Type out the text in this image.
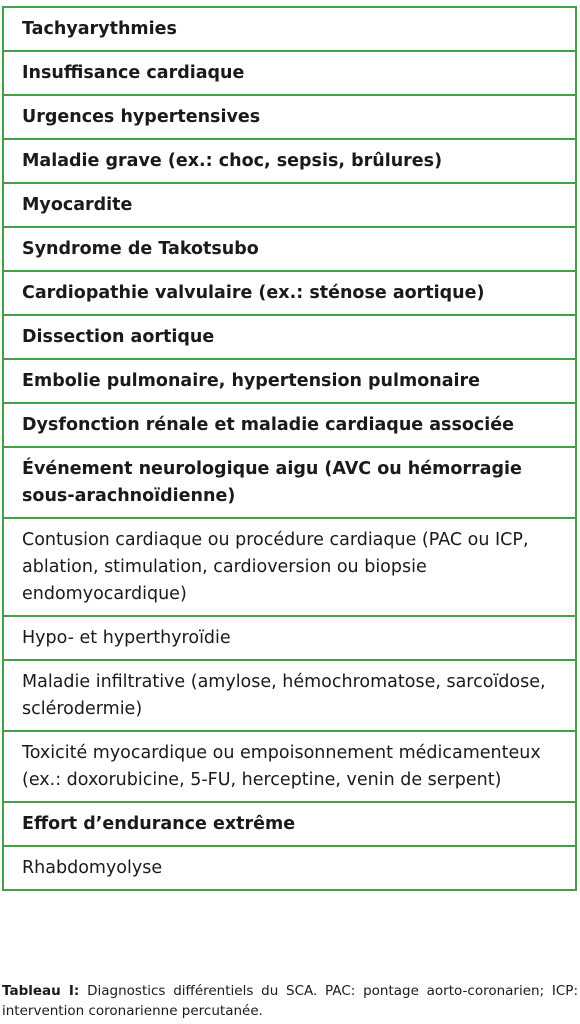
Tachyarythmies
Insuffisance cardiaque
Urgences hypertensives
Maladie grave (ex.: choc, sepsis, brûlures)
Myocardite
Syndrome de Takotsubo
Cardiopathie valvulaire (ex.: sténose aortique)
Dissection aortique
Embolie pulmonaire, hypertension pulmonaire
Dysfonction rénale et maladie cardiaque associée
Événement neurologique aigu (AVC ou hémorragie sous-arachnoïdienne)
Contusion cardiaque ou procédure cardiaque (PAC ou ICP, ablation, stimulation, cardioversion ou biopsie endomyocardique)
Hypo- et hyperthyroïdie
Maladie infiltrative (amylose, hémochromatose, sarcoïdose, sclérodermie)
Toxicité myocardique ou empoisonnement médicamenteux (ex.: doxorubicine, 5-FU, herceptine, venin de serpent)
Effort d’endurance extrême
Rhabdomyolyse
Tableau I: Diagnostics différentiels du SCA. PAC: pontage aorto-coronarien; ICP: intervention coronarienne percutanée.
